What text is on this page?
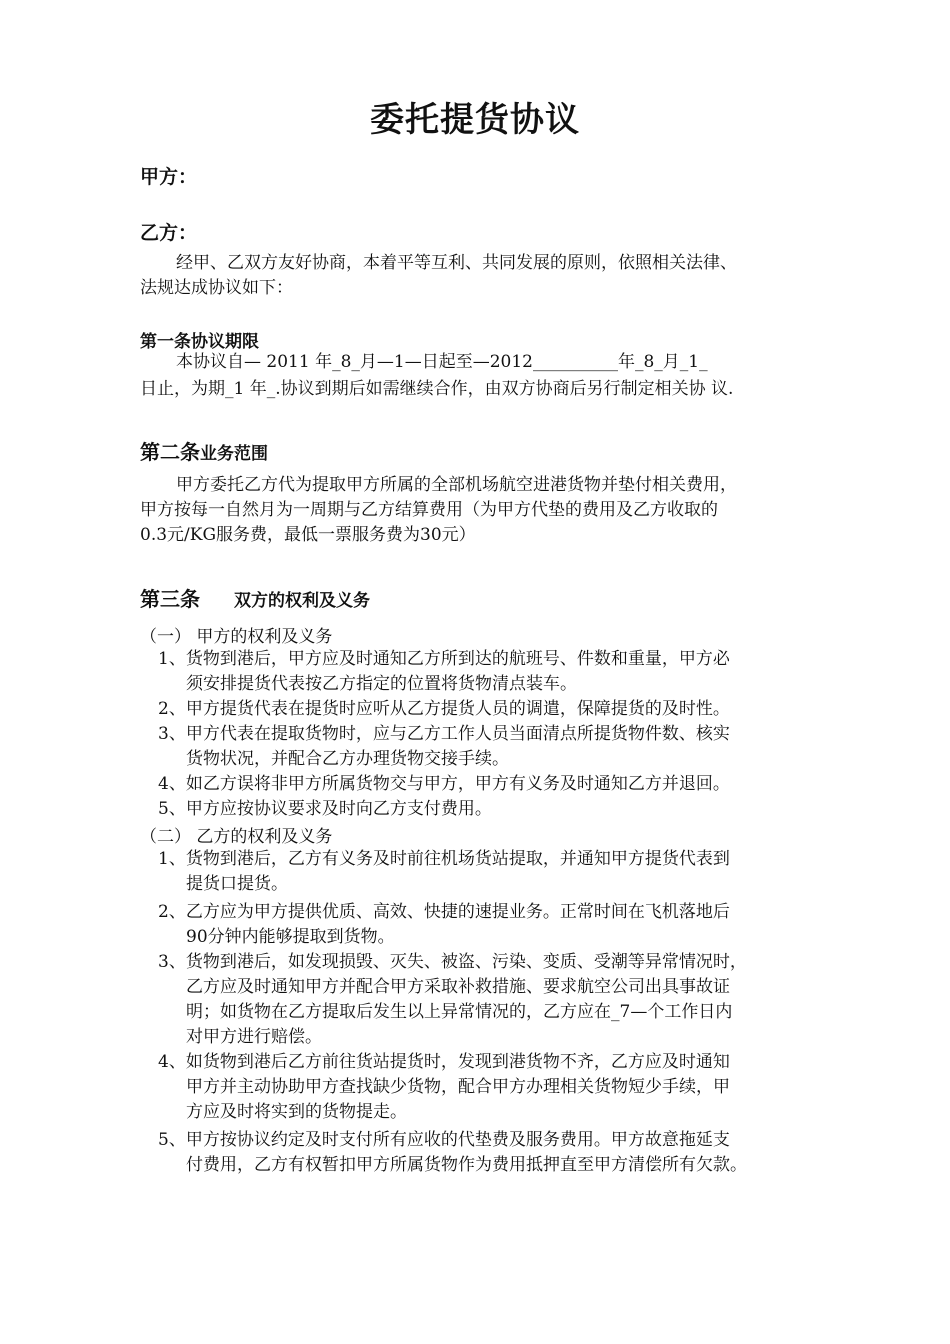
委托提货协议
甲方：
乙方：
经甲、乙双方友好协商，本着平等互利、共同发展的原则，依照相关法律、
法规达成协议如下：
第一条协议期限
本协议自— 2011 年_8_月—1—日起至—2012__________年_8_月_1_
日止，为期_1 年_.协议到期后如需继续合作，由双方协商后另行制定相关协 议.
第二条业务范围
甲方委托乙方代为提取甲方所属的全部机场航空进港货物并垫付相关费用，
甲方按每一自然月为一周期与乙方结算费用（为甲方代垫的费用及乙方收取的
0.3元/KG服务费，最低一票服务费为30元）
第三条 双方的权利及义务
（一） 甲方的权利及义务
1、货物到港后，甲方应及时通知乙方所到达的航班号、件数和重量，甲方必
须安排提货代表按乙方指定的位置将货物清点装车。
2、甲方提货代表在提货时应听从乙方提货人员的调遣，保障提货的及时性。
3、甲方代表在提取货物时，应与乙方工作人员当面清点所提货物件数、核实
货物状况，并配合乙方办理货物交接手续。
4、如乙方误将非甲方所属货物交与甲方，甲方有义务及时通知乙方并退回。
5、甲方应按协议要求及时向乙方支付费用。
（二） 乙方的权利及义务
1、货物到港后，乙方有义务及时前往机场货站提取，并通知甲方提货代表到
提货口提货。
2、乙方应为甲方提供优质、高效、快捷的速提业务。正常时间在飞机落地后
90分钟内能够提取到货物。
3、货物到港后，如发现损毁、灭失、被盗、污染、变质、受潮等异常情况时，
乙方应及时通知甲方并配合甲方采取补救措施、要求航空公司出具事故证
明；如货物在乙方提取后发生以上异常情况的，乙方应在_7—个工作日内
对甲方进行赔偿。
4、如货物到港后乙方前往货站提货时，发现到港货物不齐，乙方应及时通知
甲方并主动协助甲方查找缺少货物，配合甲方办理相关货物短少手续，甲
方应及时将实到的货物提走。
5、甲方按协议约定及时支付所有应收的代垫费及服务费用。甲方故意拖延支
付费用，乙方有权暂扣甲方所属货物作为费用抵押直至甲方清偿所有欠款。
